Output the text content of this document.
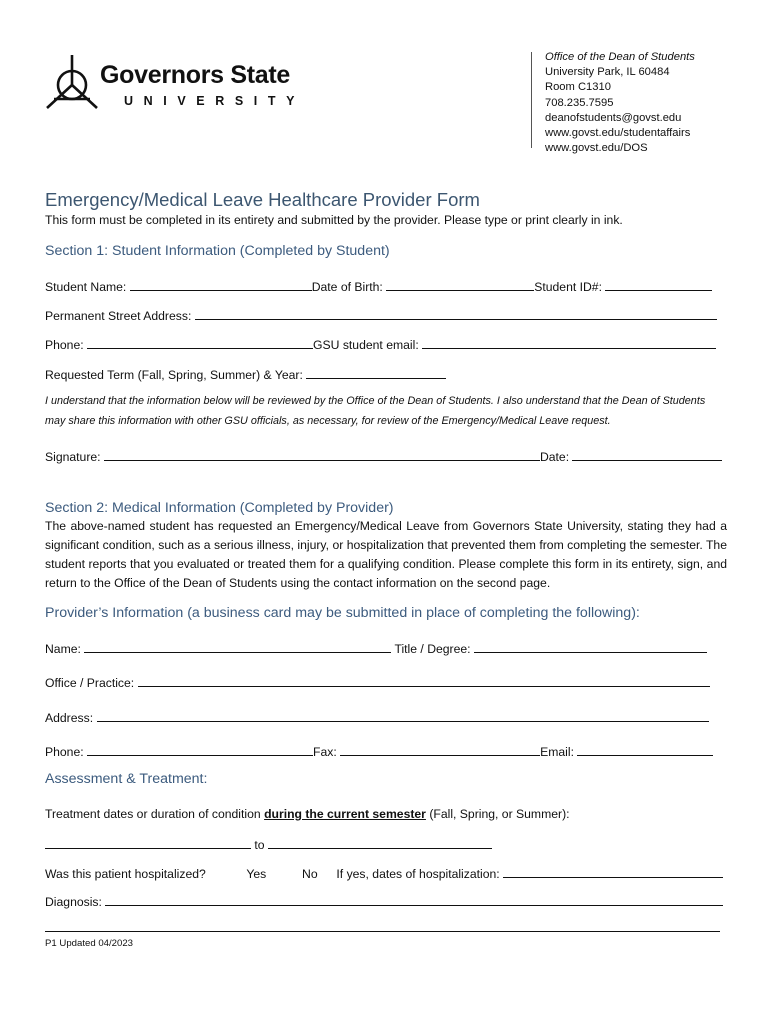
Governors State
UNIVERSITY
Office of the Dean of Students
University Park, IL 60484
Room C1310
708.235.7595
deanofstudents@govst.edu
www.govst.edu/studentaffairs
www.govst.edu/DOS
Emergency/Medical Leave Healthcare Provider Form
This form must be completed in its entirety and submitted by the provider. Please type or print clearly in ink.
Section 1: Student Information (Completed by Student)
Student Name:	Date of Birth:	Student ID#:
Permanent Street Address:
Phone:	GSU student email:
Requested Term (Fall, Spring, Summer) & Year:
I understand that the information below will be reviewed by the Office of the Dean of Students. I also understand that the Dean of Students may share this information with other GSU officials, as necessary, for review of the Emergency/Medical Leave request.
Signature:	Date:
Section 2: Medical Information (Completed by Provider)
The above-named student has requested an Emergency/Medical Leave from Governors State University, stating they had a significant condition, such as a serious illness, injury, or hospitalization that prevented them from completing the semester. The student reports that you evaluated or treated them for a qualifying condition. Please complete this form in its entirety, sign, and return to the Office of the Dean of Students using the contact information on the second page.
Provider’s Information (a business card may be submitted in place of completing the following):
Name:	Title / Degree:
Office / Practice:
Address:
Phone:	Fax:	Email:
Assessment & Treatment:
Treatment dates or duration of condition during the current semester (Fall, Spring, or Summer):
to
Was this patient hospitalized?	Yes	No If yes, dates of hospitalization:
Diagnosis:
P1 Updated 04/2023
